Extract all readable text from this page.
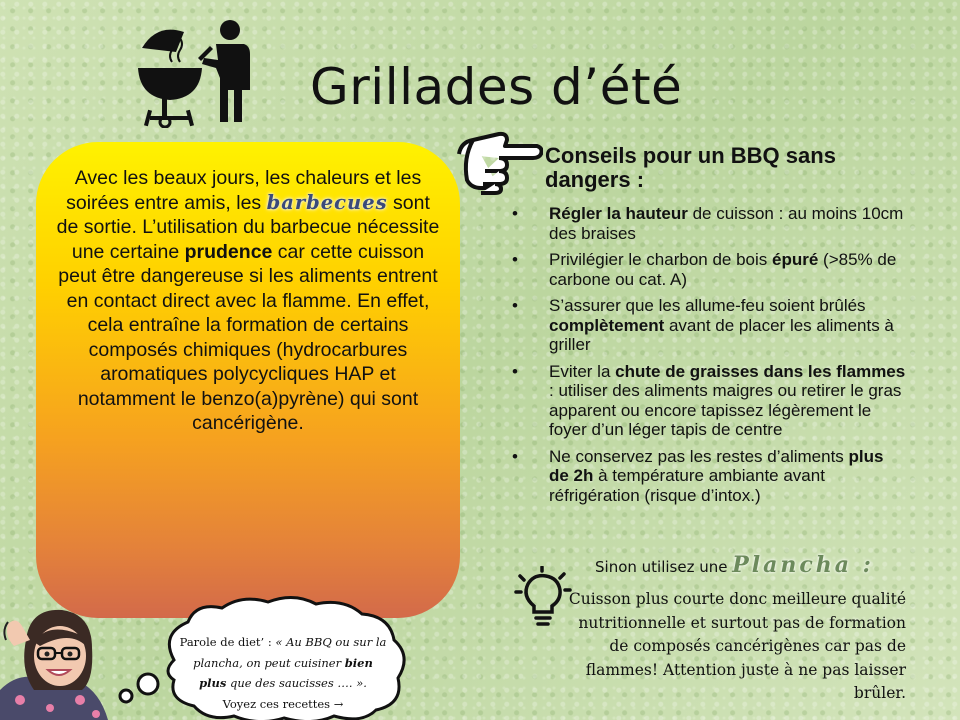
Grillades d’été
Avec les beaux jours, les chaleurs et les soirées entre amis, les barbecues sont de sortie. L’utilisation du barbecue nécessite une certaine prudence car cette cuisson peut être dangereuse si les aliments entrent en contact direct avec la flamme. En effet, cela entraîne la formation de certains composés chimiques (hydrocarbures aromatiques polycycliques HAP et notamment le benzo(a)pyrène) qui sont cancérigène.
Conseils pour un BBQ sans dangers :
• Régler la hauteur de cuisson : au moins 10cm des braises
• Privilégier le charbon de bois épuré (>85% de carbone ou cat. A)
• S’assurer que les allume-feu soient brûlés complètement avant de placer les aliments à griller
• Eviter la chute de graisses dans les flammes : utiliser des aliments maigres ou retirer le gras apparent ou encore tapissez légèrement le foyer d’un léger tapis de centre
• Ne conservez pas les restes d’aliments plus de 2h à température ambiante avant réfrigération (risque d’intox.)
Sinon utilisez une Plancha :
Cuisson plus courte donc meilleure qualité nutritionnelle et surtout pas de formation de composés cancérigènes car pas de flammes! Attention juste à ne pas laisser brûler.
Parole de diet’ : « Au BBQ ou sur la plancha, on peut cuisiner bien plus que des saucisses …. ».
Voyez ces recettes →
